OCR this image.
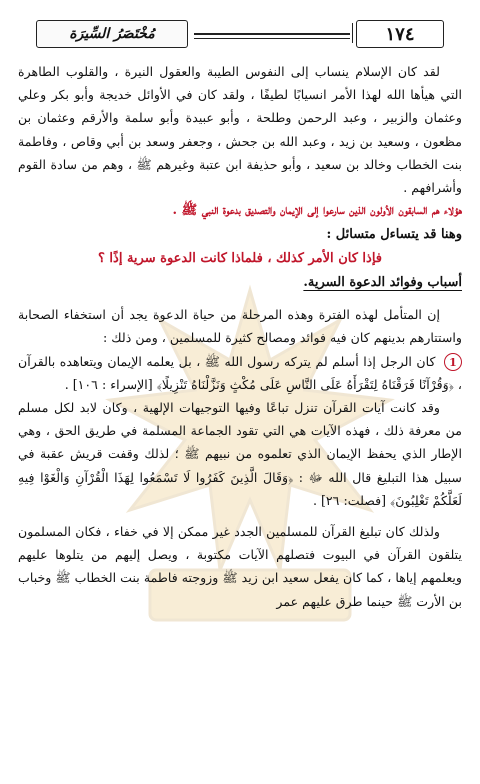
١٧٤
مُخْتَصَرُ السِّيرَة

لقد كان الإسلام ينساب إلى النفوس الطيبة والعقول النيرة ، والقلوب الطاهرة التي هيأها الله لهذا الأمر انسيابًا لطيفًا ، ولقد كان في الأوائل خديجة وأبو بكر وعلي وعثمان والزبير ، وعبد الرحمن وطلحة ، وأبو عبيدة وأبو سلمة والأرقم وعثمان بن مظعون ، وسعيد بن زيد ، وعبد الله بن جحش ، وجعفر وسعد بن أبي وقاص ، وفاطمة بنت الخطاب وخالد بن سعيد ، وأبو حذيفة ابن عتبة وغيرهم ﷺ ، وهم من سادة القوم وأشرافهم .

هؤلاء هم السابقون الأولون الذين سارعوا إلى الإيمان والتصديق بدعوة النبي ﷺ .

وهنا قد يتساءل متسائل :

فإذا كان الأمر كذلك ، فلماذا كانت الدعوة سرية إذًا ؟

أسباب وفوائد الدعوة السرية.

إن المتأمل لهذه الفترة وهذه المرحلة من حياة الدعوة يجد أن استخفاء الصحابة واستتارهم بدينهم كان فيه فوائد ومصالح كثيرة للمسلمين ، ومن ذلك :

1 كان الرجل إذا أسلم لم يتركه رسول الله ﷺ ، بل يعلمه الإيمان ويتعاهده بالقرآن ، ﴿وَقُرْآنًا فَرَقْنَاهُ لِتَقْرَأَهُ عَلَى النَّاسِ عَلَى مُكْثٍ وَنَزَّلْنَاهُ تَنْزِيلًا﴾ [الإسراء : ١٠٦] .

وقد كانت آيات القرآن تنزل تباعًا وفيها التوجيهات الإلهية ، وكان لابد لكل مسلم من معرفة ذلك ، فهذه الآيات هي التي تقود الجماعة المسلمة في طريق الحق ، وهي الإطار الذي يحفظ الإيمان الذي تعلموه من نبيهم ﷺ ؛ لذلك وقفت قريش عقبة في سبيل هذا التبليغ قال الله ﷻ : ﴿وَقَالَ الَّذِينَ كَفَرُوا لَا تَسْمَعُوا لِهَذَا الْقُرْآنِ وَالْغَوْا فِيهِ لَعَلَّكُمْ تَغْلِبُونَ﴾ [فصلت: ٢٦] .

ولذلك كان تبليغ القرآن للمسلمين الجدد غير ممكن إلا في خفاء ، فكان المسلمون يتلقون القرآن في البيوت فتصلهم الآيات مكتوبة ، ويصل إليهم من يتلوها عليهم ويعلمهم إياها ، كما كان يفعل سعيد ابن زيد ﷺ وزوجته فاطمة بنت الخطاب ﷺ وخباب بن الأرت ﷺ حينما طرق عليهم عمر
